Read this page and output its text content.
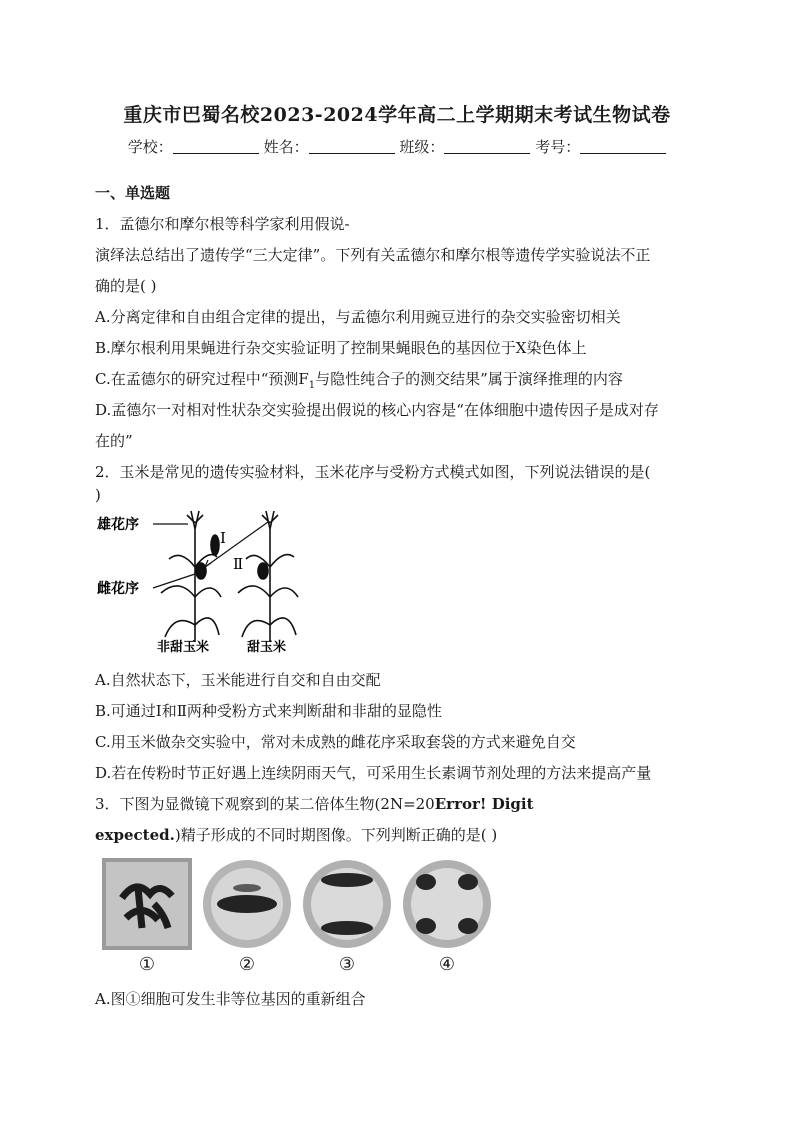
重庆市巴蜀名校2023-2024学年高二上学期期末考试生物试卷
学校：	姓名：	班级：	考号：
一、单选题
1．孟德尔和摩尔根等科学家利用假说-
演绎法总结出了遗传学“三大定律”。下列有关孟德尔和摩尔根等遗传学实验说法不正
确的是( )
A.分离定律和自由组合定律的提出，与孟德尔利用豌豆进行的杂交实验密切相关
B.摩尔根利用果蝇进行杂交实验证明了控制果蝇眼色的基因位于X染色体上
C.在孟德尔的研究过程中“预测$F_1$与隐性纯合子的测交结果”属于演绎推理的内容
D.孟德尔一对相对性状杂交实验提出假说的核心内容是“在体细胞中遗传因子是成对存
在的”
2．玉米是常见的遗传实验材料，玉米花序与受粉方式模式如图，下列说法错误的是(
)
雄花序
雌花序
Ⅰ
Ⅱ
非甜玉米	甜玉米
A.自然状态下，玉米能进行自交和自由交配
B.可通过Ⅰ和Ⅱ两种受粉方式来判断甜和非甜的显隐性
C.用玉米做杂交实验中，常对未成熟的雌花序采取套袋的方式来避免自交
D.若在传粉时节正好遇上连续阴雨天气，可采用生长素调节剂处理的方法来提高产量
3．下图为显微镜下观察到的某二倍体生物(2N=20Error! Digit
expected.)精子形成的不同时期图像。下列判断正确的是( )
①	②	③	④
A.图①细胞可发生非等位基因的重新组合
